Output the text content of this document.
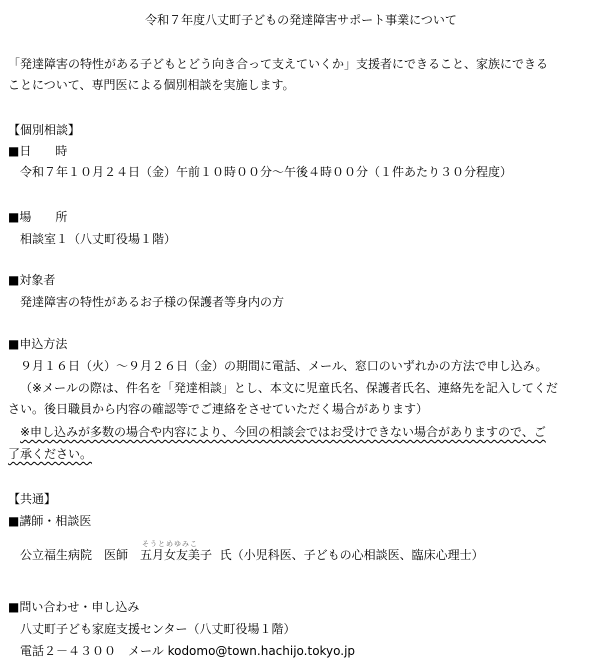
令和７年度八丈町子どもの発達障害サポート事業について
「発達障害の特性がある子どもとどう向き合って支えていくか」支援者にできること、家族にできる
ことについて、専門医による個別相談を実施します。
【個別相談】
■日　　時
令和７年１０月２４日（金）午前１０時００分～午後４時００分（１件あたり３０分程度）
■場　　所
相談室１（八丈町役場１階）
■対象者
発達障害の特性があるお子様の保護者等身内の方
■申込方法
９月１６日（火）～９月２６日（金）の期間に電話、メール、窓口のいずれかの方法で申し込み。
（※メールの際は、件名を「発達相談」とし、本文に児童氏名、保護者氏名、連絡先を記入してくだ
さい。後日職員から内容の確認等でご連絡をさせていただく場合があります）
※申し込みが多数の場合や内容により、今回の相談会ではお受けできない場合がありますので、ご
了承ください。
【共通】
■講師・相談医
公立福生病院　医師　
そうとめゆみこ
五月女友美子 氏（小児科医、子どもの心相談医、臨床心理士）
■問い合わせ・申し込み
八丈町子ども家庭支援センター（八丈町役場１階）
電話２－４３００　メール kodomo@town.hachijo.tokyo.jp
